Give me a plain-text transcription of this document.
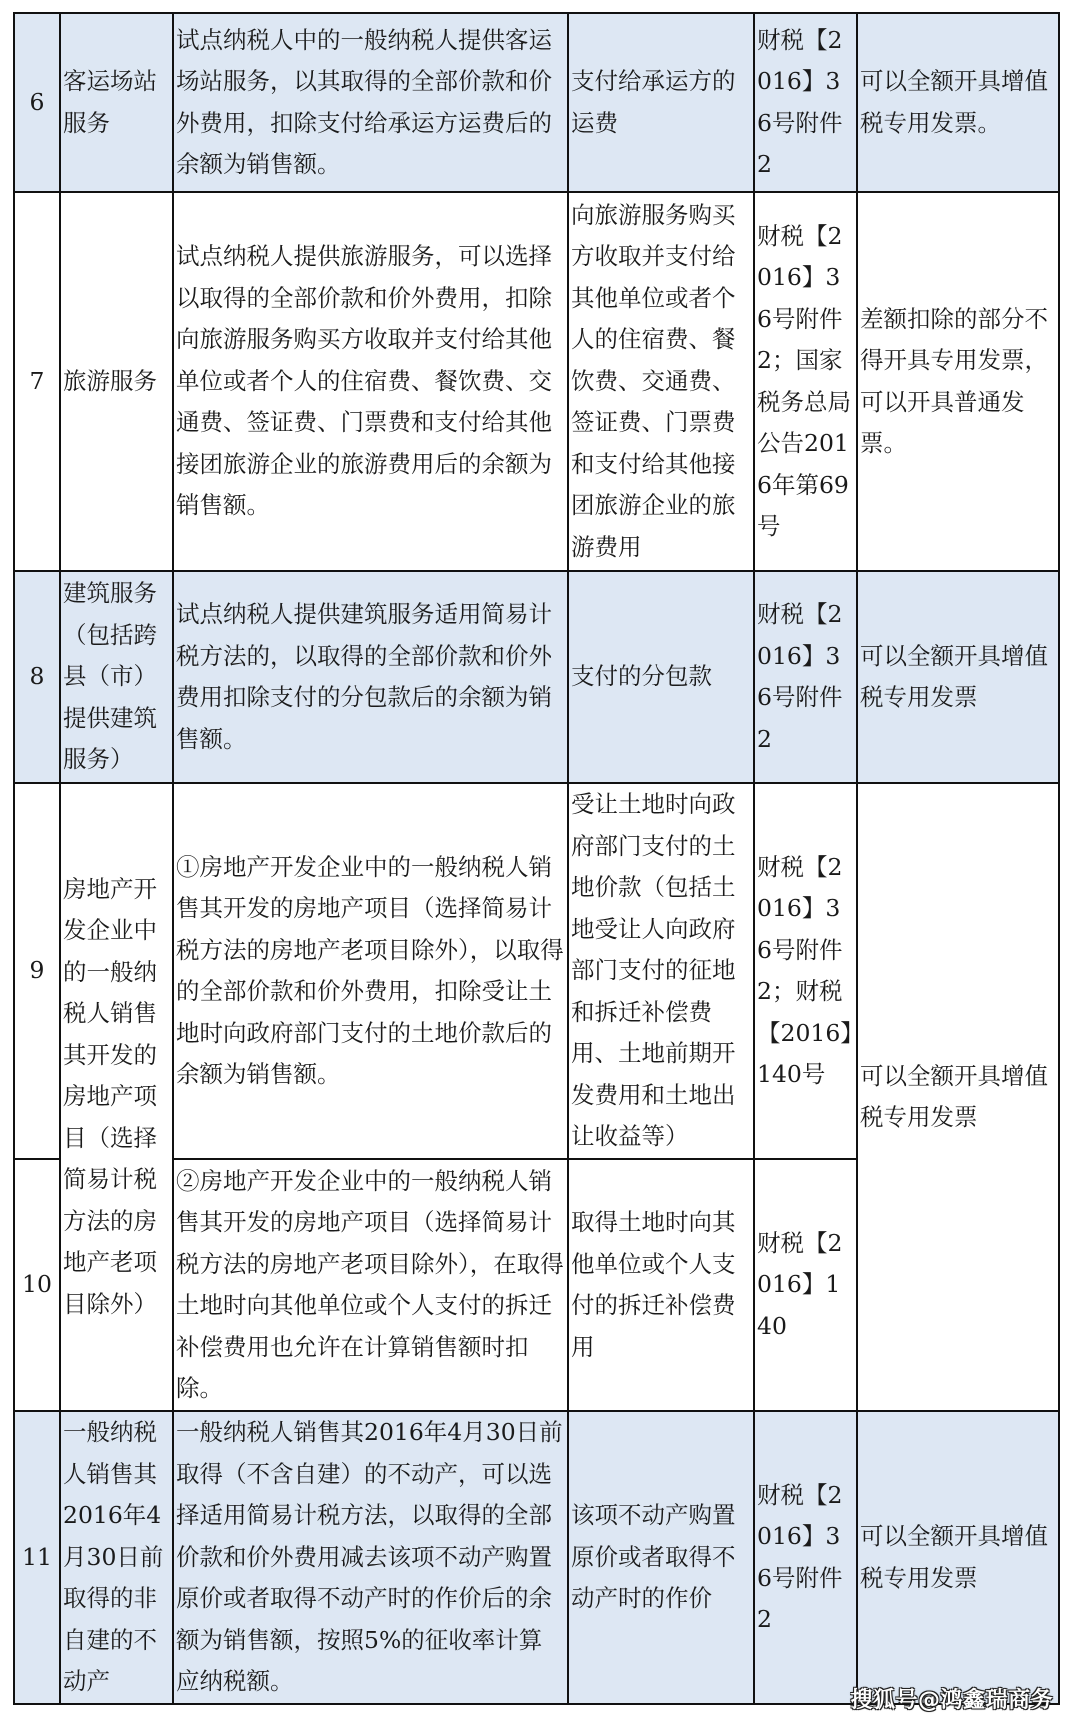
6	客运场站服务	试点纳税人中的一般纳税人提供客运场站服务，以其取得的全部价款和价外费用，扣除支付给承运方运费后的余额为销售额。	支付给承运方的运费	财税【2016】36号附件2	可以全额开具增值税专用发票。
7	旅游服务	试点纳税人提供旅游服务，可以选择以取得的全部价款和价外费用，扣除向旅游服务购买方收取并支付给其他单位或者个人的住宿费、餐饮费、交通费、签证费、门票费和支付给其他接团旅游企业的旅游费用后的余额为销售额。	向旅游服务购买方收取并支付给其他单位或者个人的住宿费、餐饮费、交通费、签证费、门票费和支付给其他接团旅游企业的旅游费用	财税【2016】36号附件2；国家税务总局公告2016年第69号	差额扣除的部分不得开具专用发票，可以开具普通发票。
8	建筑服务（包括跨县（市）提供建筑服务）	试点纳税人提供建筑服务适用简易计税方法的，以取得的全部价款和价外费用扣除支付的分包款后的余额为销售额。	支付的分包款	财税【2016】36号附件2	可以全额开具增值税专用发票
9	房地产开发企业中的一般纳税人销售其开发的房地产项目（选择简易计税方法的房地产老项目除外）	①房地产开发企业中的一般纳税人销售其开发的房地产项目（选择简易计税方法的房地产老项目除外），以取得的全部价款和价外费用，扣除受让土地时向政府部门支付的土地价款后的余额为销售额。	受让土地时向政府部门支付的土地价款（包括土地受让人向政府部门支付的征地和拆迁补偿费用、土地前期开发费用和土地出让收益等）	财税【2016】36号附件2；财税【2016】140号	可以全额开具增值税专用发票
10		②房地产开发企业中的一般纳税人销售其开发的房地产项目（选择简易计税方法的房地产老项目除外），在取得土地时向其他单位或个人支付的拆迁补偿费用也允许在计算销售额时扣除。	取得土地时向其他单位或个人支付的拆迁补偿费用	财税【2016】140	
11	一般纳税人销售其2016年4月30日前取得的非自建的不动产	一般纳税人销售其2016年4月30日前取得（不含自建）的不动产，可以选择适用简易计税方法，以取得的全部价款和价外费用减去该项不动产购置原价或者取得不动产时的作价后的余额为销售额，按照5%的征收率计算应纳税额。	该项不动产购置原价或者取得不动产时的作价	财税【2016】36号附件2	可以全额开具增值税专用发票
搜狐号@鸿鑫瑞商务
